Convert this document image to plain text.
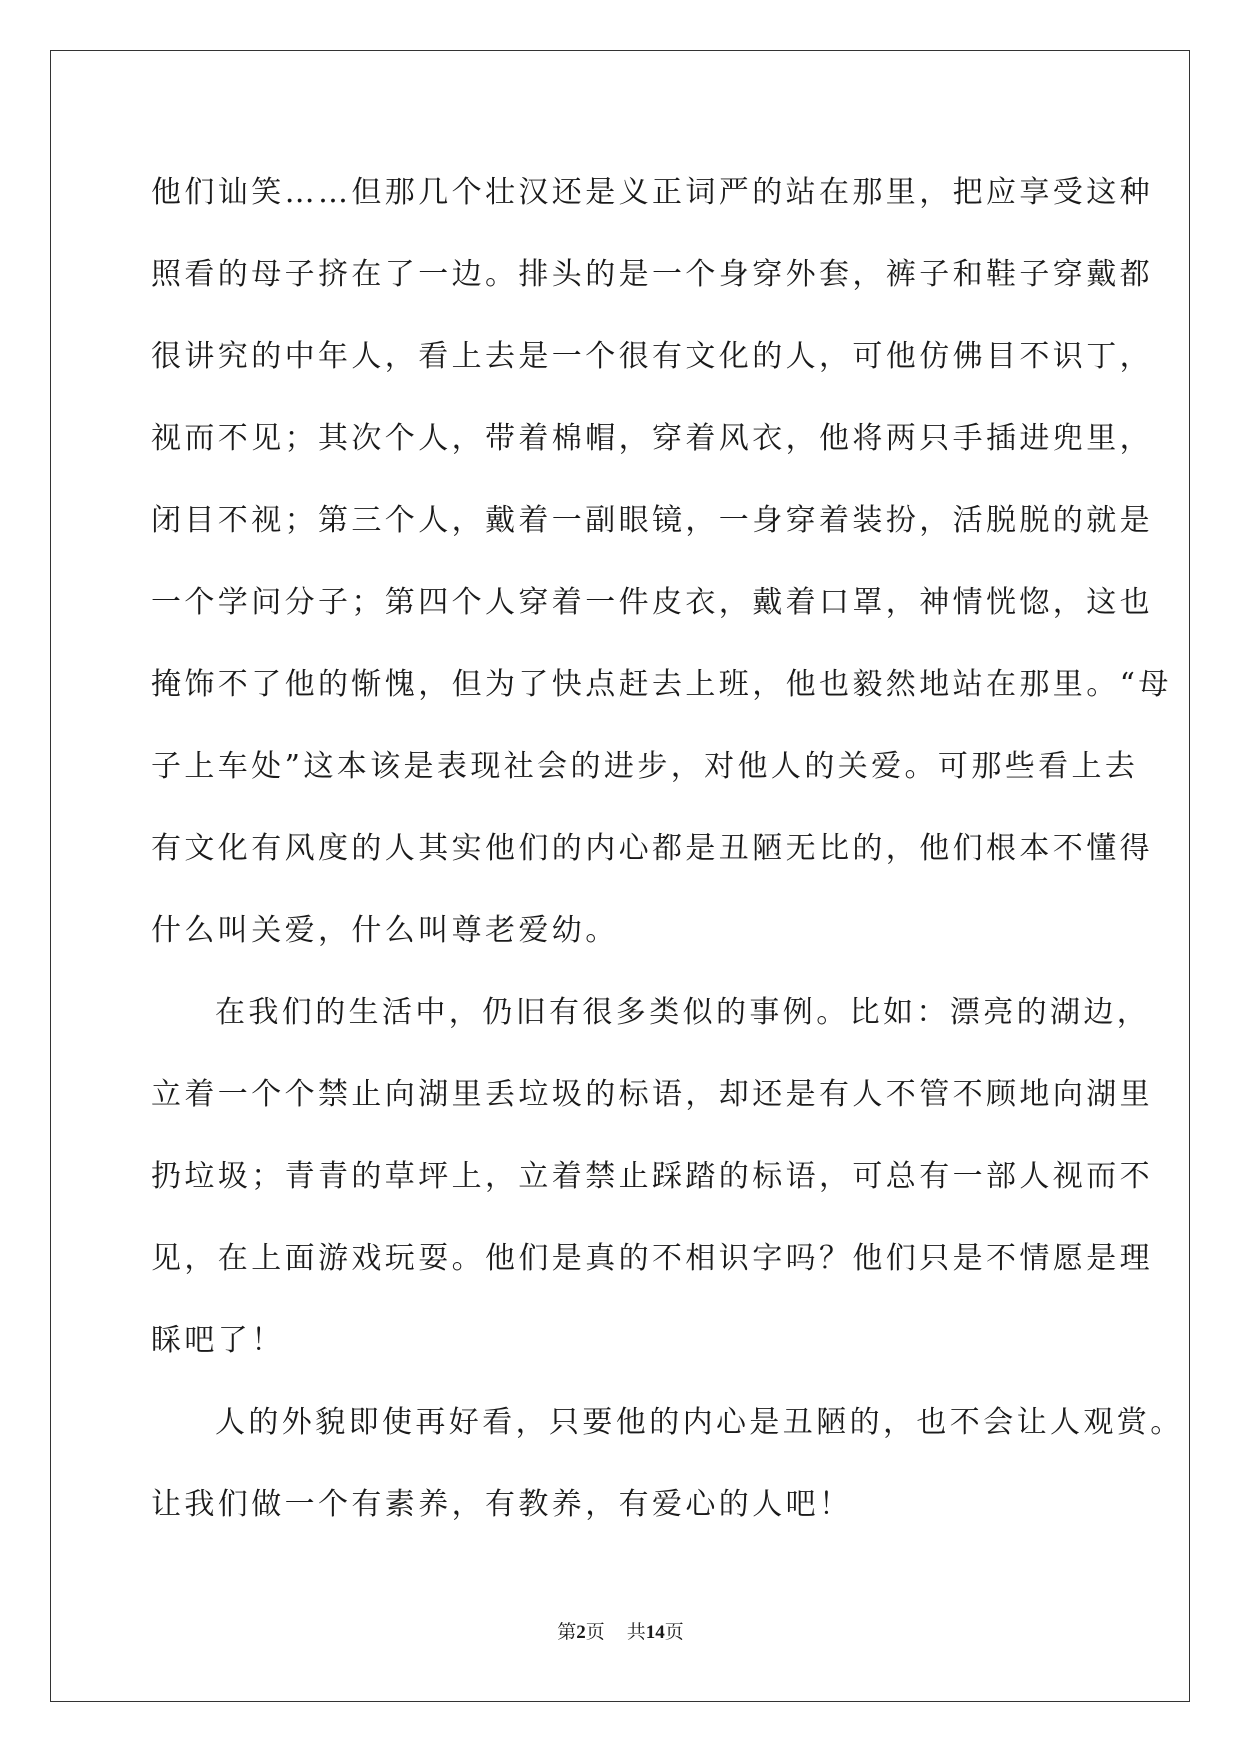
他们讪笑……但那几个壮汉还是义正词严的站在那里，把应享受这种
照看的母子挤在了一边。排头的是一个身穿外套，裤子和鞋子穿戴都
很讲究的中年人，看上去是一个很有文化的人，可他仿佛目不识丁，
视而不见；其次个人，带着棉帽，穿着风衣，他将两只手插进兜里，
闭目不视；第三个人，戴着一副眼镜，一身穿着装扮，活脱脱的就是
一个学问分子；第四个人穿着一件皮衣，戴着口罩，神情恍惚，这也
掩饰不了他的惭愧，但为了快点赶去上班，他也毅然地站在那里。“母
子上车处”这本该是表现社会的进步，对他人的关爱。可那些看上去
有文化有风度的人其实他们的内心都是丑陋无比的，他们根本不懂得
什么叫关爱，什么叫尊老爱幼。
在我们的生活中，仍旧有很多类似的事例。比如：漂亮的湖边，
立着一个个禁止向湖里丢垃圾的标语，却还是有人不管不顾地向湖里
扔垃圾；青青的草坪上，立着禁止踩踏的标语，可总有一部人视而不
见，在上面游戏玩耍。他们是真的不相识字吗？他们只是不情愿是理
睬吧了！
人的外貌即使再好看，只要他的内心是丑陋的，也不会让人观赏。
让我们做一个有素养，有教养，有爱心的人吧！
第2页 共14页
